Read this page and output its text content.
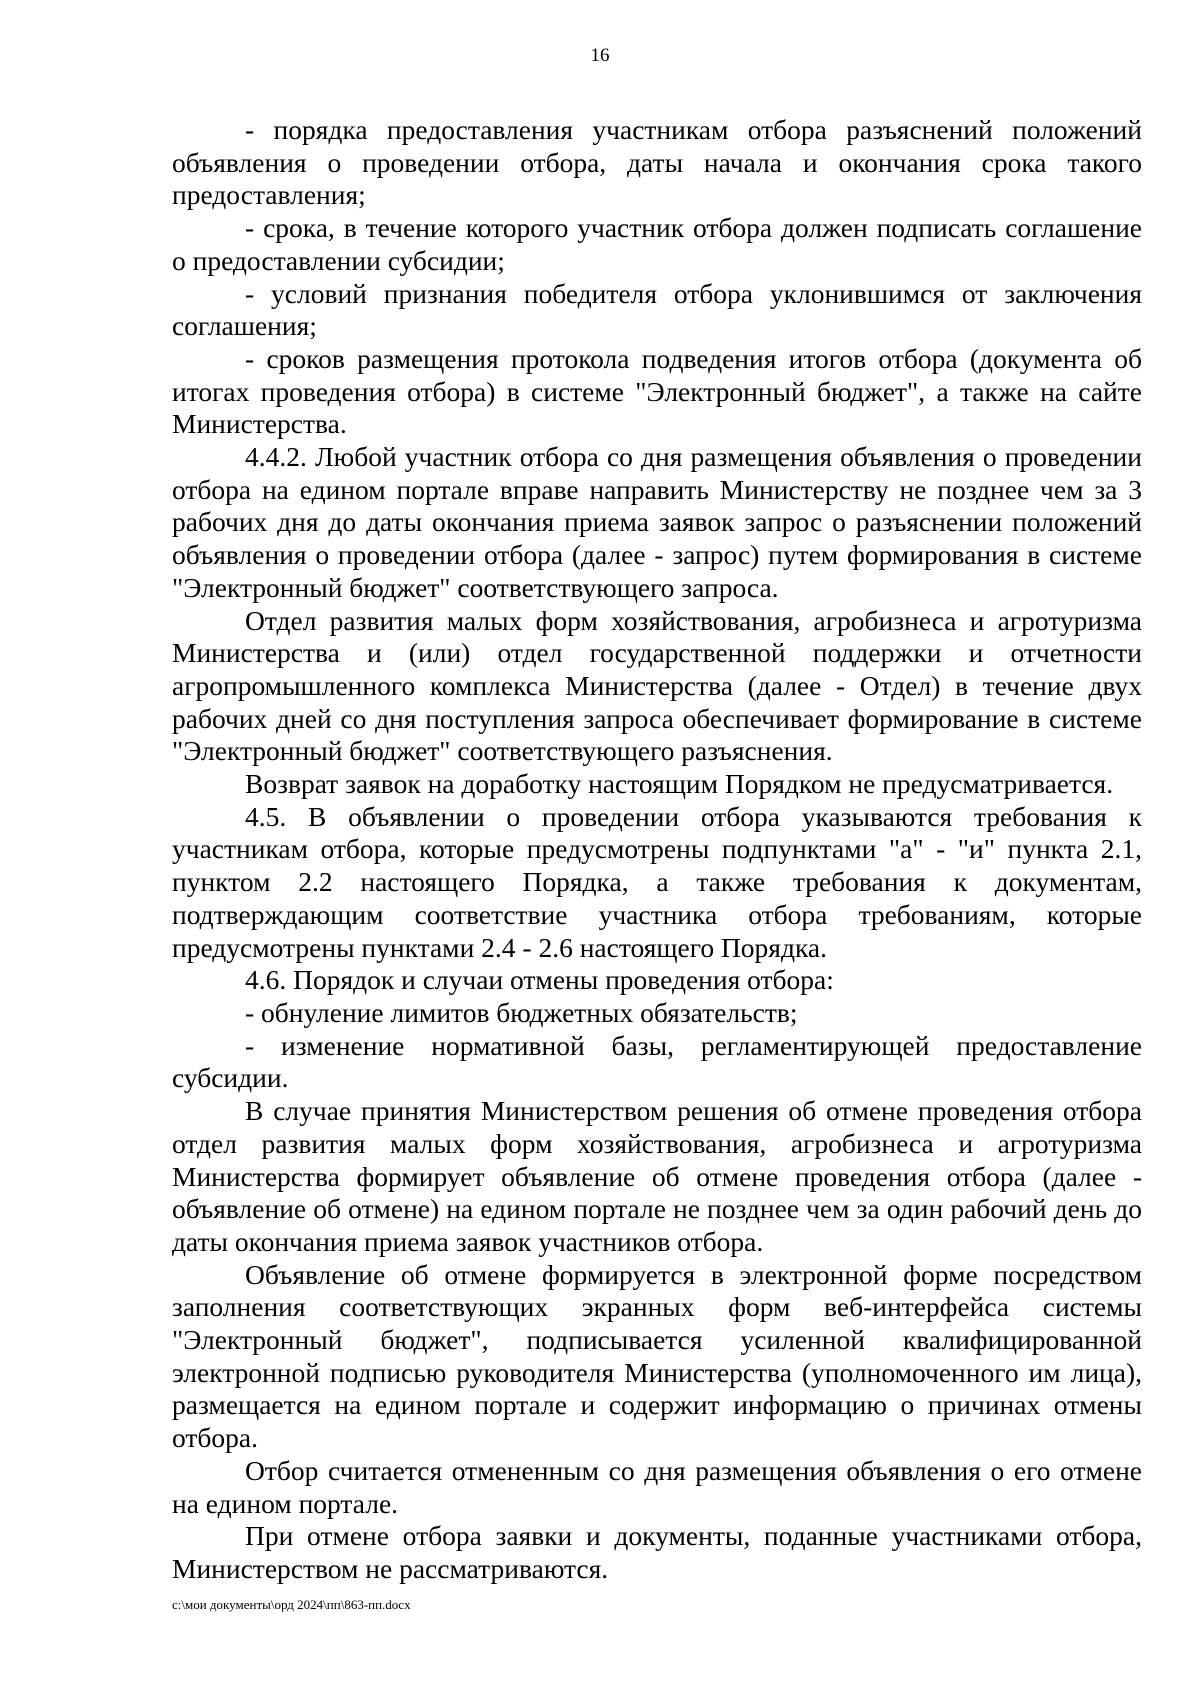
16

- порядка предоставления участникам отбора разъяснений положений объявления о проведении отбора, даты начала и окончания срока такого предоставления;

- срока, в течение которого участник отбора должен подписать соглашение о предоставлении субсидии;

- условий признания победителя отбора уклонившимся от заключения соглашения;

- сроков размещения протокола подведения итогов отбора (документа об итогах проведения отбора) в системе "Электронный бюджет", а также на сайте Министерства.

4.4.2. Любой участник отбора со дня размещения объявления о проведении отбора на едином портале вправе направить Министерству не позднее чем за 3 рабочих дня до даты окончания приема заявок запрос о разъяснении положений объявления о проведении отбора (далее - запрос) путем формирования в системе "Электронный бюджет" соответствующего запроса.

Отдел развития малых форм хозяйствования, агробизнеса и агротуризма Министерства и (или) отдел государственной поддержки и отчетности агропромышленного комплекса Министерства (далее - Отдел) в течение двух рабочих дней со дня поступления запроса обеспечивает формирование в системе "Электронный бюджет" соответствующего разъяснения.

Возврат заявок на доработку настоящим Порядком не предусматривается.

4.5. В объявлении о проведении отбора указываются требования к участникам отбора, которые предусмотрены подпунктами "а" - "и" пункта 2.1, пунктом 2.2 настоящего Порядка, а также требования к документам, подтверждающим соответствие участника отбора требованиям, которые предусмотрены пунктами 2.4 - 2.6 настоящего Порядка.

4.6. Порядок и случаи отмены проведения отбора:

- обнуление лимитов бюджетных обязательств;

- изменение нормативной базы, регламентирующей предоставление субсидии.

В случае принятия Министерством решения об отмене проведения отбора отдел развития малых форм хозяйствования, агробизнеса и агротуризма Министерства формирует объявление об отмене проведения отбора (далее - объявление об отмене) на едином портале не позднее чем за один рабочий день до даты окончания приема заявок участников отбора.

Объявление об отмене формируется в электронной форме посредством заполнения соответствующих экранных форм веб-интерфейса системы "Электронный бюджет", подписывается усиленной квалифицированной электронной подписью руководителя Министерства (уполномоченного им лица), размещается на едином портале и содержит информацию о причинах отмены отбора.

Отбор считается отмененным со дня размещения объявления о его отмене на едином портале.

При отмене отбора заявки и документы, поданные участниками отбора, Министерством не рассматриваются.

c:\мои документы\орд 2024\пп\863-пп.docx
